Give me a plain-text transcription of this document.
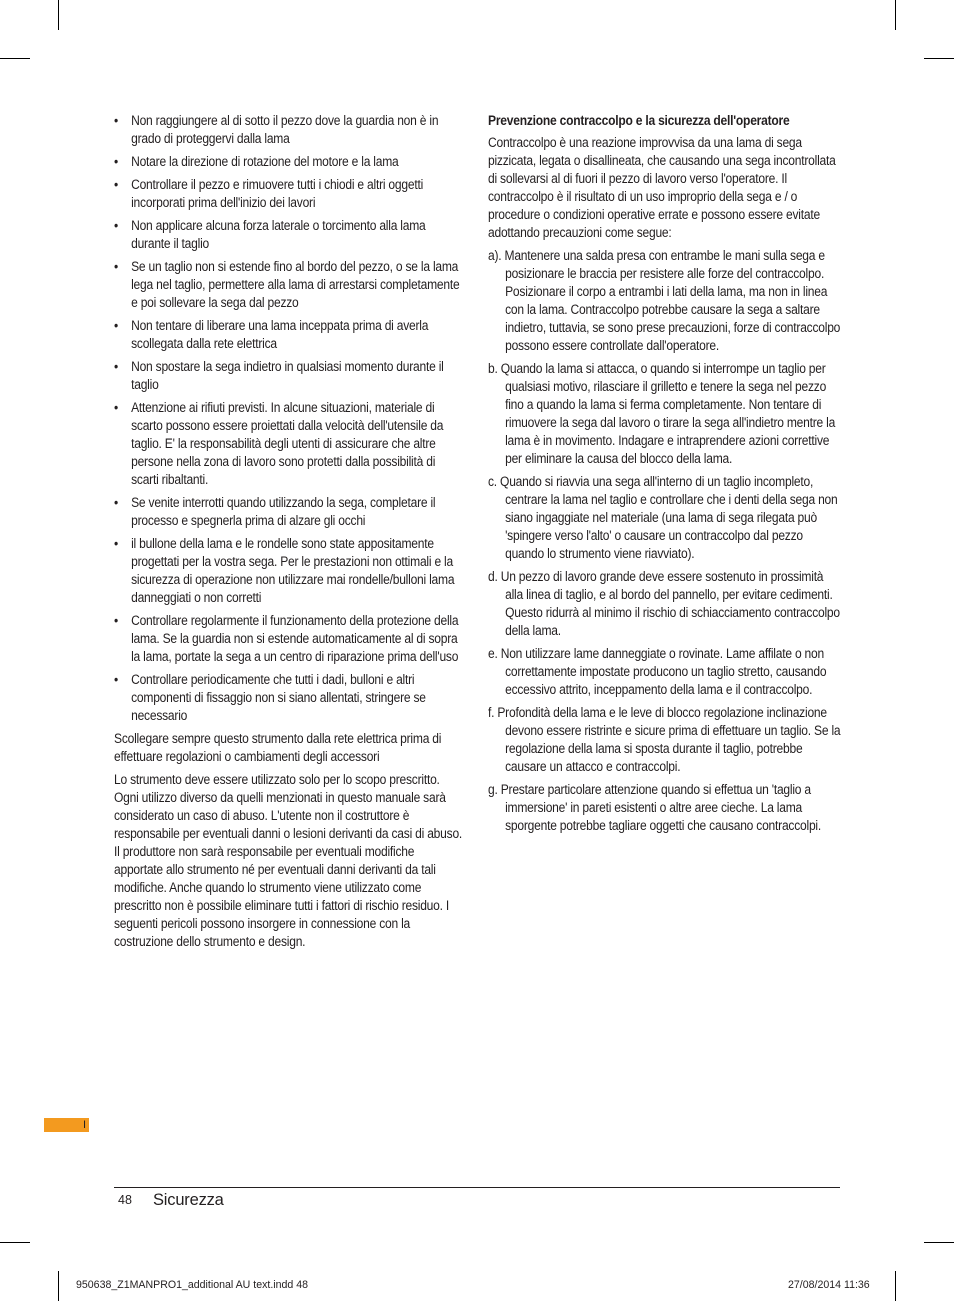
• Non raggiungere al di sotto il pezzo dove la guardia non è in grado di proteggervi dalla lama
• Notare la direzione di rotazione del motore e la lama
• Controllare il pezzo e rimuovere tutti i chiodi e altri oggetti incorporati prima dell'inizio dei lavori
• Non applicare alcuna forza laterale o torcimento alla lama durante il taglio
• Se un taglio non si estende fino al bordo del pezzo, o se la lama lega nel taglio, permettere alla lama di arrestarsi completamente e poi sollevare la sega dal pezzo
• Non tentare di liberare una lama inceppata prima di averla scollegata dalla rete elettrica
• Non spostare la sega indietro in qualsiasi momento durante il taglio
• Attenzione ai rifiuti previsti. In alcune situazioni, materiale di scarto possono essere proiettati dalla velocità dell'utensile da taglio. E' la responsabilità degli utenti di assicurare che altre persone nella zona di lavoro sono protetti dalla possibilità di scarti ribaltanti.
• Se venite interrotti quando utilizzando la sega, completare il processo e spegnerla prima di alzare gli occhi
• il bullone della lama e le rondelle sono state appositamente progettati per la vostra sega. Per le prestazioni non ottimali e la sicurezza di operazione non utilizzare mai rondelle/bulloni lama danneggiati o non corretti
• Controllare regolarmente il funzionamento della protezione della lama. Se la guardia non si estende automaticamente al di sopra la lama, portate la sega a un centro di riparazione prima dell'uso
• Controllare periodicamente che tutti i dadi, bulloni e altri componenti di fissaggio non si siano allentati, stringere se necessario

Scollegare sempre questo strumento dalla rete elettrica prima di effettuare regolazioni o cambiamenti degli accessori

Lo strumento deve essere utilizzato solo per lo scopo prescritto. Ogni utilizzo diverso da quelli menzionati in questo manuale sarà considerato un caso di abuso. L'utente non il costruttore è responsabile per eventuali danni o lesioni derivanti da casi di abuso. Il produttore non sarà responsabile per eventuali modifiche apportate allo strumento né per eventuali danni derivanti da tali modifiche. Anche quando lo strumento viene utilizzato come prescritto non è possibile eliminare tutti i fattori di rischio residuo. I seguenti pericoli possono insorgere in connessione con la costruzione dello strumento e design.

Prevenzione contraccolpo e la sicurezza dell'operatore

Contraccolpo è una reazione improvvisa da una lama di sega pizzicata, legata o disallineata, che causando una sega incontrollata di sollevarsi al di fuori il pezzo di lavoro verso l'operatore. Il contraccolpo è il risultato di un uso improprio della sega e / o procedure o condizioni operative errate e possono essere evitate adottando precauzioni come segue:

a). Mantenere una salda presa con entrambe le mani sulla sega e posizionare le braccia per resistere alle forze del contraccolpo. Posizionare il corpo a entrambi i lati della lama, ma non in linea con la lama. Contraccolpo potrebbe causare la sega a saltare indietro, tuttavia, se sono prese precauzioni, forze di contraccolpo possono essere controllate dall'operatore.

b. Quando la lama si attacca, o quando si interrompe un taglio per qualsiasi motivo, rilasciare il grilletto e tenere la sega nel pezzo fino a quando la lama si ferma completamente. Non tentare di rimuovere la sega dal lavoro o tirare la sega all'indietro mentre la lama è in movimento. Indagare e intraprendere azioni correttive per eliminare la causa del blocco della lama.

c. Quando si riavvia una sega all'interno di un taglio incompleto, centrare la lama nel taglio e controllare che i denti della sega non siano ingaggiate nel materiale (una lama di sega rilegata può 'spingere verso l'alto' o causare un contraccolpo dal pezzo quando lo strumento viene riavviato).

d. Un pezzo di lavoro grande deve essere sostenuto in prossimità alla linea di taglio, e al bordo del pannello, per evitare cedimenti. Questo ridurrà al minimo il rischio di schiacciamento contraccolpo della lama.

e. Non utilizzare lame danneggiate o rovinate. Lame affilate o non correttamente impostate producono un taglio stretto, causando eccessivo attrito, inceppamento della lama e il contraccolpo.

f. Profondità della lama e le leve di blocco regolazione inclinazione devono essere ristrinte e sicure prima di effettuare un taglio. Se la regolazione della lama si sposta durante il taglio, potrebbe causare un attacco e contraccolpi.

g. Prestare particolare attenzione quando si effettua un 'taglio a immersione' in pareti esistenti o altre aree cieche. La lama sporgente potrebbe tagliare oggetti che causano contraccolpi.

I
48 Sicurezza
950638_Z1MANPRO1_additional AU text.indd 48	27/08/2014 11:36
